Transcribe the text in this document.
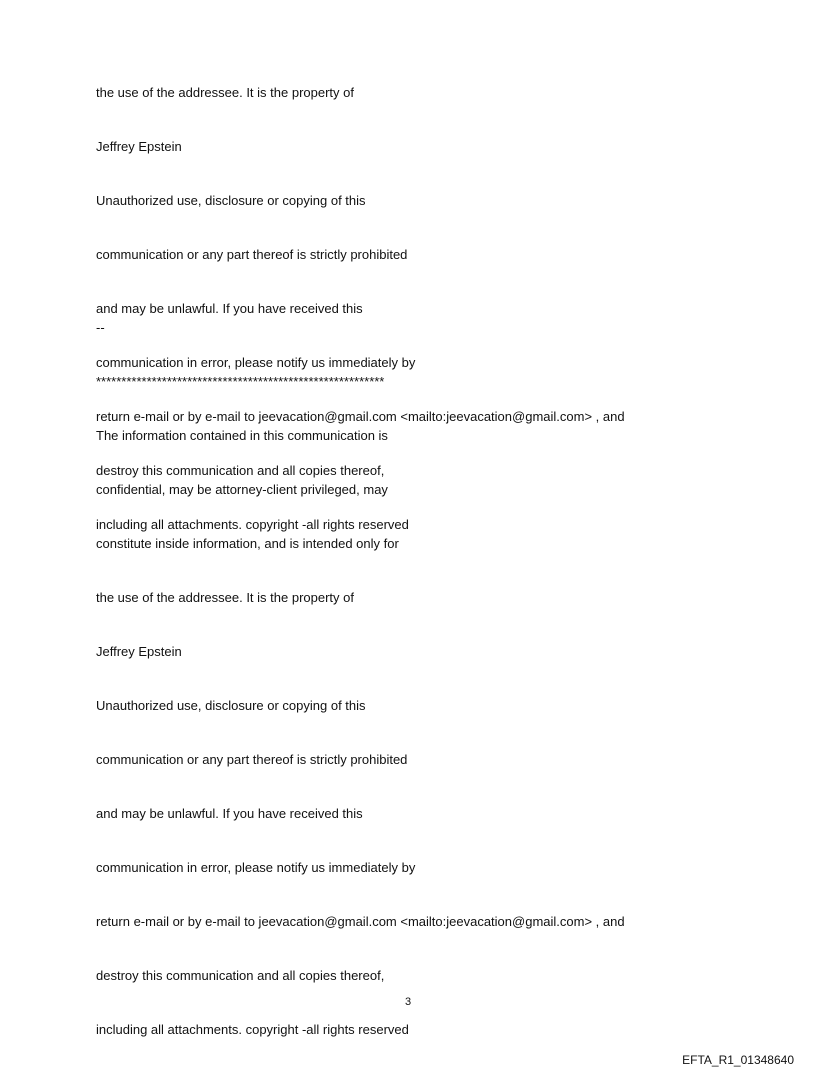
the use of the addressee. It is the property of

Jeffrey Epstein

Unauthorized use, disclosure or copying of this

communication or any part thereof is strictly prohibited

and may be unlawful. If you have received this

communication in error, please notify us immediately by

return e-mail or by e-mail to jeevacation@gmail.com <mailto:jeevacation@gmail.com> , and

destroy this communication and all copies thereof,

including all attachments. copyright -all rights reserved

--

*********************************************************

The information contained in this communication is

confidential, may be attorney-client privileged, may

constitute inside information, and is intended only for

the use of the addressee. It is the property of

Jeffrey Epstein

Unauthorized use, disclosure or copying of this

communication or any part thereof is strictly prohibited

and may be unlawful. If you have received this

communication in error, please notify us immediately by

return e-mail or by e-mail to jeevacation@gmail.com <mailto:jeevacation@gmail.com> , and

destroy this communication and all copies thereof,

including all attachments. copyright -all rights reserved

3
EFTA_R1_01348640
